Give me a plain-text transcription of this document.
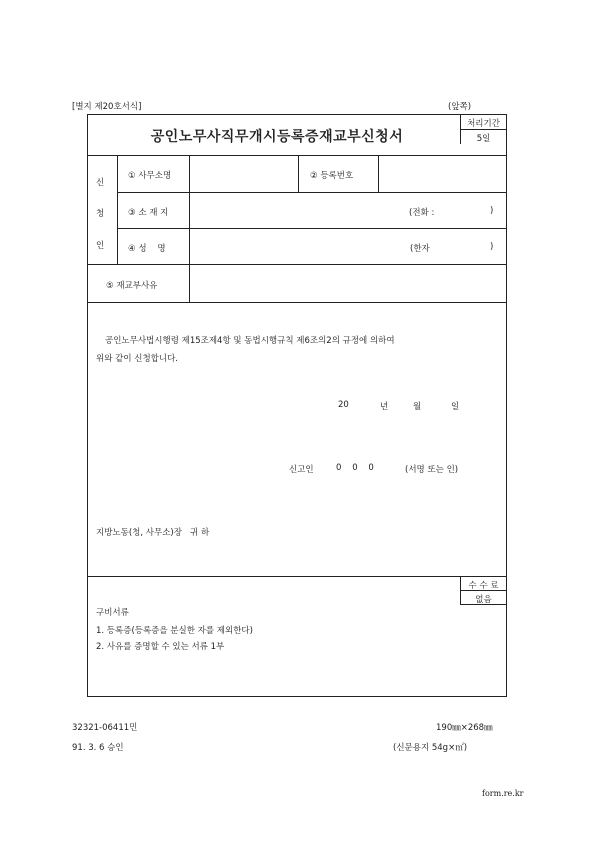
[별지 제20호서식]	(앞쪽)
공인노무사직무개시등록증재교부신청서
처리기간
5일
신
청
인
① 사무소명	② 등록번호
③ 소 재 지	(전화 :	)
④ 성    명	(한자	)
⑤ 재교부사유
공인노무사법시행령 제15조제4항 및 동법시행규칙 제6조의2의 규정에 의하여
위와 같이 신청합니다.
20	년	월	일
신고인	0    0    0	(서명 또는 인)
지방노동(청, 사무소)장   귀 하
수 수 료
없음
구비서류
1. 등록증(등록증을 분실한 자를 제외한다)
2. 사유를 증명할 수 있는 서류 1부
32321-06411민
91. 3. 6 승인
190㎜×268㎜
(신문용지 54g×㎡)
form.re.kr
